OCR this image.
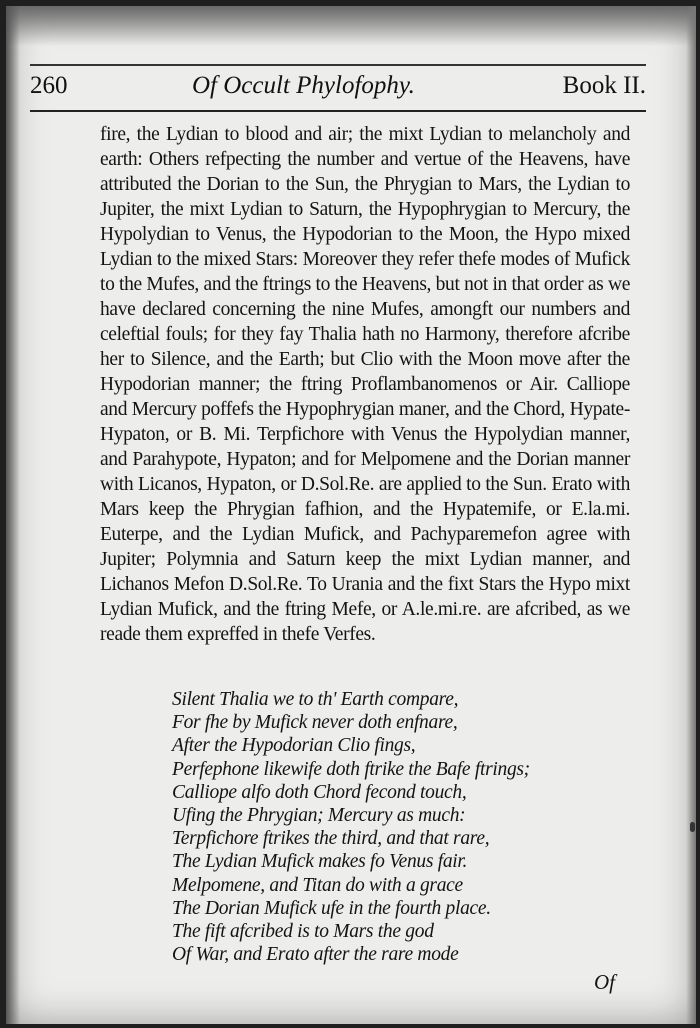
260	Of Occult Phylofophy.	Book II.

fire, the Lydian to blood and air; the mixt Lydian to melancholy and earth: Others refpecting the number and vertue of the Heavens, have attributed the Dorian to the Sun, the Phrygian to Mars, the Lydian to Jupiter, the mixt Lydian to Saturn, the Hypophrygian to Mercury, the Hypolydian to Venus, the Hypodorian to the Moon, the Hypo mixed Lydian to the mixed Stars: Moreover they refer thefe modes of Mufick to the Mufes, and the ftrings to the Heavens, but not in that order as we have declared concerning the nine Mufes, amongft our numbers and celeftial fouls; for they fay Thalia hath no Harmony, therefore afcribe her to Silence, and the Earth; but Clio with the Moon move after the Hypodorian manner; the ftring Proflambanomenos or Air. Calliope and Mercury poffefs the Hypophrygian maner, and the Chord, Hypate-Hypaton, or B. Mi. Terpfichore with Venus the Hypolydian manner, and Parahypote, Hypaton; and for Melpomene and the Dorian manner with Licanos, Hypaton, or D.Sol.Re. are applied to the Sun. Erato with Mars keep the Phrygian fafhion, and the Hypatemife, or E.la.mi. Euterpe, and the Lydian Mufick, and Pachyparemefon agree with Jupiter; Polymnia and Saturn keep the mixt Lydian manner, and Lichanos Mefon D.Sol.Re. To Urania and the fixt Stars the Hypo mixt Lydian Mufick, and the ftring Mefe, or A.le.mi.re. are afcribed, as we reade them expreffed in thefe Verfes.

Silent Thalia we to th' Earth compare,
For fhe by Mufick never doth enfnare,
After the Hypodorian Clio fings,
Perfephone likewife doth ftrike the Bafe ftrings;
Calliope alfo doth Chord fecond touch,
Ufing the Phrygian; Mercury as much:
Terpfichore ftrikes the third, and that rare,
The Lydian Mufick makes fo Venus fair.
Melpomene, and Titan do with a grace
The Dorian Mufick ufe in the fourth place.
The fift afcribed is to Mars the god
Of War, and Erato after the rare mode
Of
